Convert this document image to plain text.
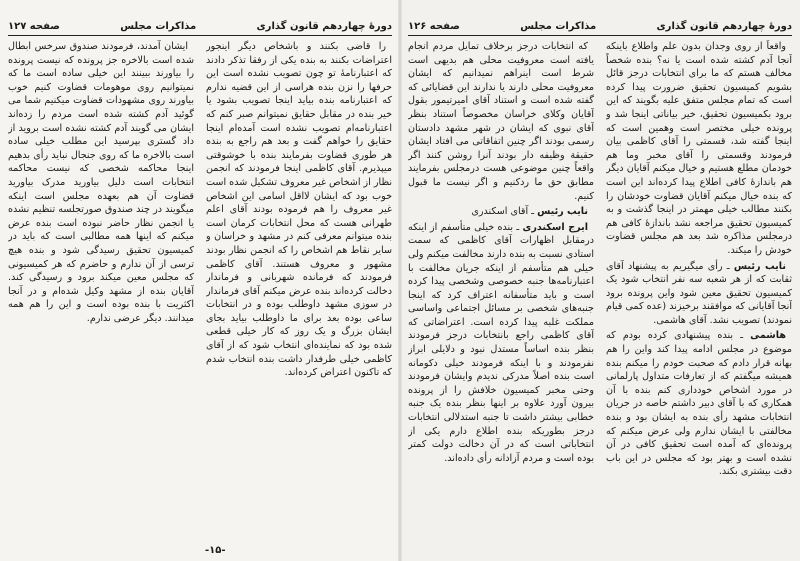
دورهٔ چهاردهم قانون گذاری
مذاکرات مجلس
صفحه ۱۲۷

را قاضی بکنند و باشخاص دیگر اینجور اعتراضات بکنند به بنده یکی از رفقا تذکر دادند که اعتبارنامهٔ تو چون تصویب نشده است این حرفها را نزن بنده هراسی از این قضیه ندارم که اعتبارنامه بنده بیاید اینجا تصویب بشود یا خیر بنده در مقابل حقایق نمیتوانم صبر کنم که اعتبارنامه‌ام تصویب نشده است آمده‌ام اینجا حقایق را خواهم گفت و بعد هم راجع به بنده هر طوری قضاوت بفرمایند بنده با خوشوقتی میپذیرم. آقای کاظمی اینجا فرمودند که انجمن نظار از اشخاص غیر معروف تشکیل شده است خوب بود که ایشان لااقل اسامی این اشخاص غیر معروف را هم فرموده بودند آقای اعلم طهرانی هست که محل انتخابات کرمان است بنده میتوانم معرفی کنم در مشهد و خراسان و سایر نقاط هم اشخاص را که انجمن نظار بودند مشهور و معروف هستند. آقای کاظمی فرمودند که فرمانده شهربانی و فرماندار دخالت کرده‌اند بنده عرض میکنم آقای فرماندار در سوزی مشهد داوطلب بوده و در انتخابات ساعی بوده بعد برای ما داوطلب بیاید بجای ایشان بزرگ و یک روز که کار خیلی قطعی شده بود که نماینده‌ای انتخاب شود که از آقای کاظمی خیلی طرفدار داشت بنده انتخاب شدم که تاکنون اعتراض کرده‌اند.

ایشان آمدند، فرمودند صندوق سرخس ابطال شده است بالاخره جز پرونده که نیست پرونده را بیاورند ببینند این خیلی ساده است ما که نمیتوانیم روی موهومات قضاوت کنیم خوب بیاورند روی مشهودات قضاوت میکنیم شما می گوئید آدم کشته شده است مردم را زده‌اند ایشان می گویند آدم کشته نشده است بروید از داد گستری بپرسید این مطلب خیلی ساده است بالاخره ما که روی جنجال نباید رأی بدهیم اینجا محاکمه شخصی که نیست محاکمه انتخابات است دلیل بیاورید مدرک بیاورید قضاوت آن هم بعهده مجلس است اینکه میگویند در چند صندوق صورتجلسه تنظیم نشده یا انجمن نظار حاضر نبوده است بنده عرض میکنم که اینها همه مطالبی است که باید در کمیسیون تحقیق رسیدگی شود و بنده هیچ ترسی از آن ندارم و حاضرم که هر کمیسیونی که مجلس معین میکند برود و رسیدگی کند. آقایان بنده از مشهد وکیل شده‌ام و در آنجا اکثریت با بنده بوده است و این را هم همه میدانند. دیگر عرضی ندارم.

-۱۵-
دورهٔ چهاردهم قانون گذاری
مذاکرات مجلس
صفحه ۱۲۶

واقعاً از روی وجدان بدون علم واطلاع باینکه آنجا آدم کشته شده است یا نه؟ بنده شخصاً مخالف هستم که ما برای انتخابات درجز قائل بشویم کمیسیون تحقیق ضرورت پیدا کرده است که تمام مجلس متفق علیه بگویند که این برود بکمیسیون تحقیق، خیر بیاناتی اینجا شد و پرونده خیلی مختصر است وهمین است که اینجا گفته شد، قسمتی را آقای کاظمی بیان فرمودند وقسمتی را آقای مخبر وما هم خودمان مطلع هستیم و خیال میکنم آقایان دیگر هم باندازهٔ کافی اطلاع پیدا کرده‌اند این است که بنده خیال میکنم آقایان قضاوت خودشان را بکنند مطالب خیلی مهمتر در اینجا گذشت و به کمیسیون تحقیق مراجعه نشد باندازهٔ کافی هم درمجلس مذاکره شد بعد هم مجلس قضاوت خودش را میکند.

نایب رئیس ـ رأی میگیریم به پیشنهاد آقای ثقابت که از هر شعبه سه نفر انتخاب شود یک کمیسیون تحقیق معین شود واین پرونده برود آنجا آقایانی که موافقند برخیزند (عده کمی قیام نمودند) تصویب نشد. آقای هاشمی.

هاشمی ـ بنده پیشنهادی کرده بودم که موضوع در مجلس ادامه پیدا کند واین را هم بهانه قرار دادم که صحبت خودم را میکنم بنده همیشه میگفتم که از تعارفات متداول پارلمانی در مورد اشخاص خودداری کنم بنده با آن همکاری که با آقای دبیر داشتم خاصه در جریان انتخابات مشهد رأی بنده به ایشان بود و بنده مخالفتی با ایشان ندارم ولی عرض میکنم که پرونده‌ای که آمده است تحقیق کافی در آن نشده است و بهتر بود که مجلس در این باب دقت بیشتری بکند.

که انتخابات درجز برخلاف تمایل مردم انجام یافته است معروفیت محلی هم بدیهی است شرط است اینراهم نمیدانیم که ایشان معروفیت محلی دارند یا ندارند این قضایائی که گفته شده است و استناد آقای امیرتیمور بقول آقایان وکلای خراسان مخصوصاً استناد بنظر آقای نبوی که ایشان در شهر مشهد دادستان رسمی بودند اگر چنین اتفاقاتی می افتاد ایشان حقیقة وظیفه دار بودند آنرا روشن کنند اگر واقعاً چنین موضوعی هست درمجلس بفرمایند مطابق حق ما ردکنیم و اگر نیست ما قبول کنیم.

نایب رئیس ـ آقای اسکندری

ایرج اسکندری ـ بنده خیلی متأسفم از اینکه درمقابل اظهارات آقای کاظمی که سمت استادی نسبت به بنده دارند مخالفت میکنم ولی خیلی هم متأسفم از اینکه جریان مخالفت با اعتبارنامه‌ها جنبه خصوصی وشخصی پیدا کرده است و باید متأسفانه اعتراف کرد که اینجا جنبه‌های شخصی بر مسائل اجتماعی واساسی مملکت غلبه پیدا کرده است. اعتراضاتی که آقای کاظمی راجع بانتخابات درجز فرمودند بنظر بنده اساساً مستدل نبود و دلایلی ابراز نفرمودند و با اینکه فرمودند خیلی دکومانه است بنده اصلاً مدرکی ندیدم وایشان فرمودند وحتی مخبر کمیسیون خلافش را از پرونده بیرون آورد علاوه بر اینها بنظر بنده یک جنبه خطابی بیشتر داشت تا جنبه استدلالی انتخابات درجز بطوریکه بنده اطلاع دارم یکی از انتخاباتی است که در آن دخالت دولت کمتر بوده است و مردم آزادانه رأی داده‌اند.
